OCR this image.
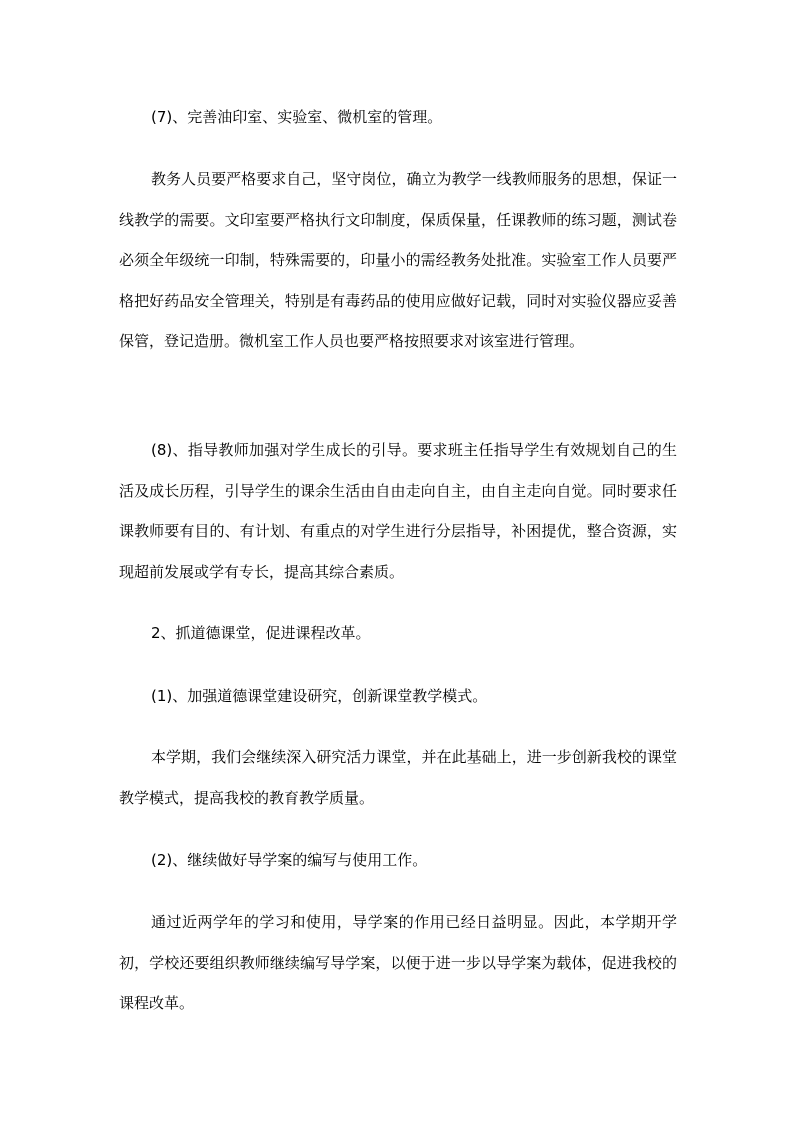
(7)、完善油印室、实验室、微机室的管理。

教务人员要严格要求自己，坚守岗位，确立为教学一线教师服务的思想，保证一线教学的需要。文印室要严格执行文印制度，保质保量，任课教师的练习题，测试卷必须全年级统一印制，特殊需要的，印量小的需经教务处批准。实验室工作人员要严格把好药品安全管理关，特别是有毒药品的使用应做好记载，同时对实验仪器应妥善保管，登记造册。微机室工作人员也要严格按照要求对该室进行管理。

(8)、指导教师加强对学生成长的引导。要求班主任指导学生有效规划自己的生活及成长历程，引导学生的课余生活由自由走向自主，由自主走向自觉。同时要求任课教师要有目的、有计划、有重点的对学生进行分层指导，补困提优，整合资源，实现超前发展或学有专长，提高其综合素质。

2、抓道德课堂，促进课程改革。

(1)、加强道德课堂建设研究，创新课堂教学模式。

本学期，我们会继续深入研究活力课堂，并在此基础上，进一步创新我校的课堂教学模式，提高我校的教育教学质量。

(2)、继续做好导学案的编写与使用工作。

通过近两学年的学习和使用，导学案的作用已经日益明显。因此，本学期开学初，学校还要组织教师继续编写导学案，以便于进一步以导学案为载体，促进我校的课程改革。
